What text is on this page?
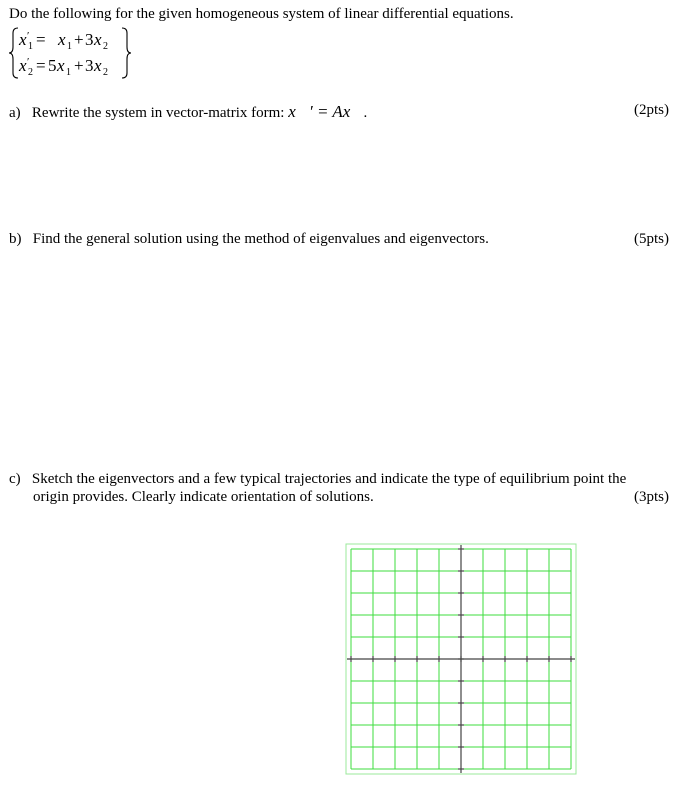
Do the following for the given homogeneous system of linear differential equations.
x ′
1 = x 1 + 3 x 2
x ′
2 = 5 x 1 + 3 x 2
a) Rewrite the system in vector-matrix form: x⃗′ = Ax⃗.	(2pts)
b) Find the general solution using the method of eigenvalues and eigenvectors.	(5pts)
c) Sketch the eigenvectors and a few typical trajectories and indicate the type of equilibrium point the
origin provides. Clearly indicate orientation of solutions.	(3pts)
